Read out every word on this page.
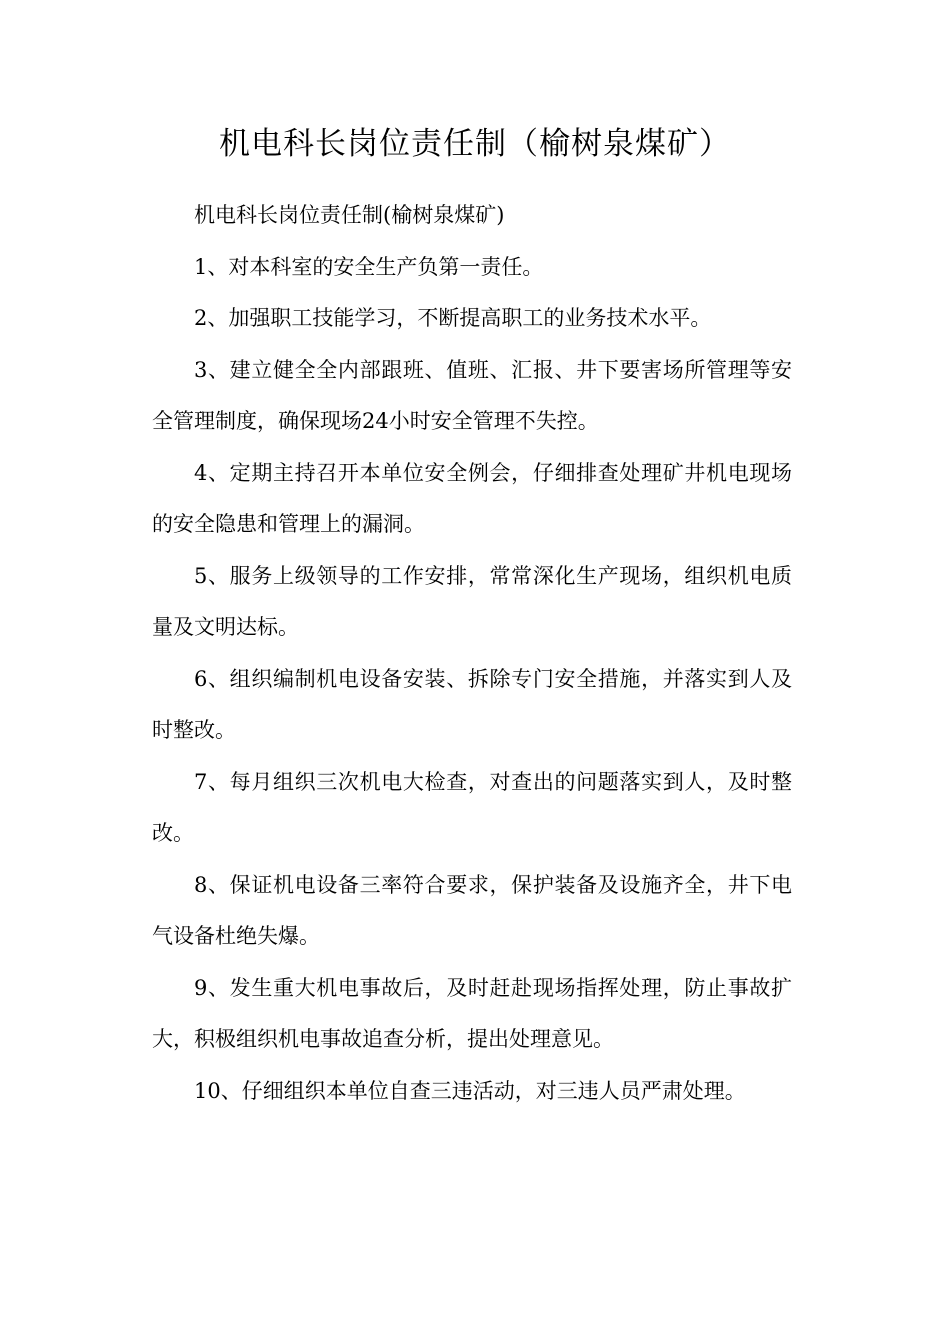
机电科长岗位责任制（榆树泉煤矿）

机电科长岗位责任制(榆树泉煤矿)

1、对本科室的安全生产负第一责任。

2、加强职工技能学习，不断提高职工的业务技术水平。

3、建立健全全内部跟班、值班、汇报、井下要害场所管理等安全管理制度，确保现场24小时安全管理不失控。

4、定期主持召开本单位安全例会，仔细排查处理矿井机电现场的安全隐患和管理上的漏洞。

5、服务上级领导的工作安排，常常深化生产现场，组织机电质量及文明达标。

6、组织编制机电设备安装、拆除专门安全措施，并落实到人及时整改。

7、每月组织三次机电大检查，对查出的问题落实到人，及时整改。

8、保证机电设备三率符合要求，保护装备及设施齐全，井下电气设备杜绝失爆。

9、发生重大机电事故后，及时赶赴现场指挥处理，防止事故扩大，积极组织机电事故追查分析，提出处理意见。

10、仔细组织本单位自查三违活动，对三违人员严肃处理。
